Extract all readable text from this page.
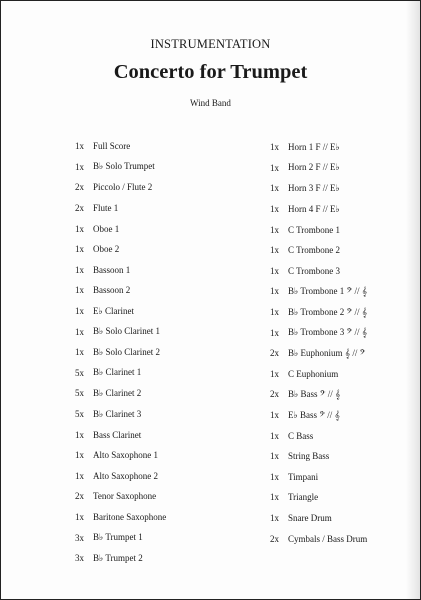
INSTRUMENTATION
Concerto for Trumpet
Wind Band
1x	Full Score
1x	B♭ Solo Trumpet
2x	Piccolo / Flute 2
2x	Flute 1
1x	Oboe 1
1x	Oboe 2
1x	Bassoon 1
1x	Bassoon 2
1x	E♭ Clarinet
1x	B♭ Solo Clarinet 1
1x	B♭ Solo Clarinet 2
5x	B♭ Clarinet 1
5x	B♭ Clarinet 2
5x	B♭ Clarinet 3
1x	Bass Clarinet
1x	Alto Saxophone 1
1x	Alto Saxophone 2
2x	Tenor Saxophone
1x	Baritone Saxophone
3x	B♭ Trumpet 1
3x	B♭ Trumpet 2
1x	Horn 1 F // E♭
1x	Horn 2 F // E♭
1x	Horn 3 F // E♭
1x	Horn 4 F // E♭
1x	C Trombone 1
1x	C Trombone 2
1x	C Trombone 3
1x	B♭ Trombone 1 𝄢 // 𝄞
1x	B♭ Trombone 2 𝄢 // 𝄞
1x	B♭ Trombone 3 𝄢 // 𝄞
2x	B♭ Euphonium 𝄞 // 𝄢
1x	C Euphonium
2x	B♭ Bass 𝄢 // 𝄞
1x	E♭ Bass 𝄢 // 𝄞
1x	C Bass
1x	String Bass
1x	Timpani
1x	Triangle
1x	Snare Drum
2x	Cymbals / Bass Drum
